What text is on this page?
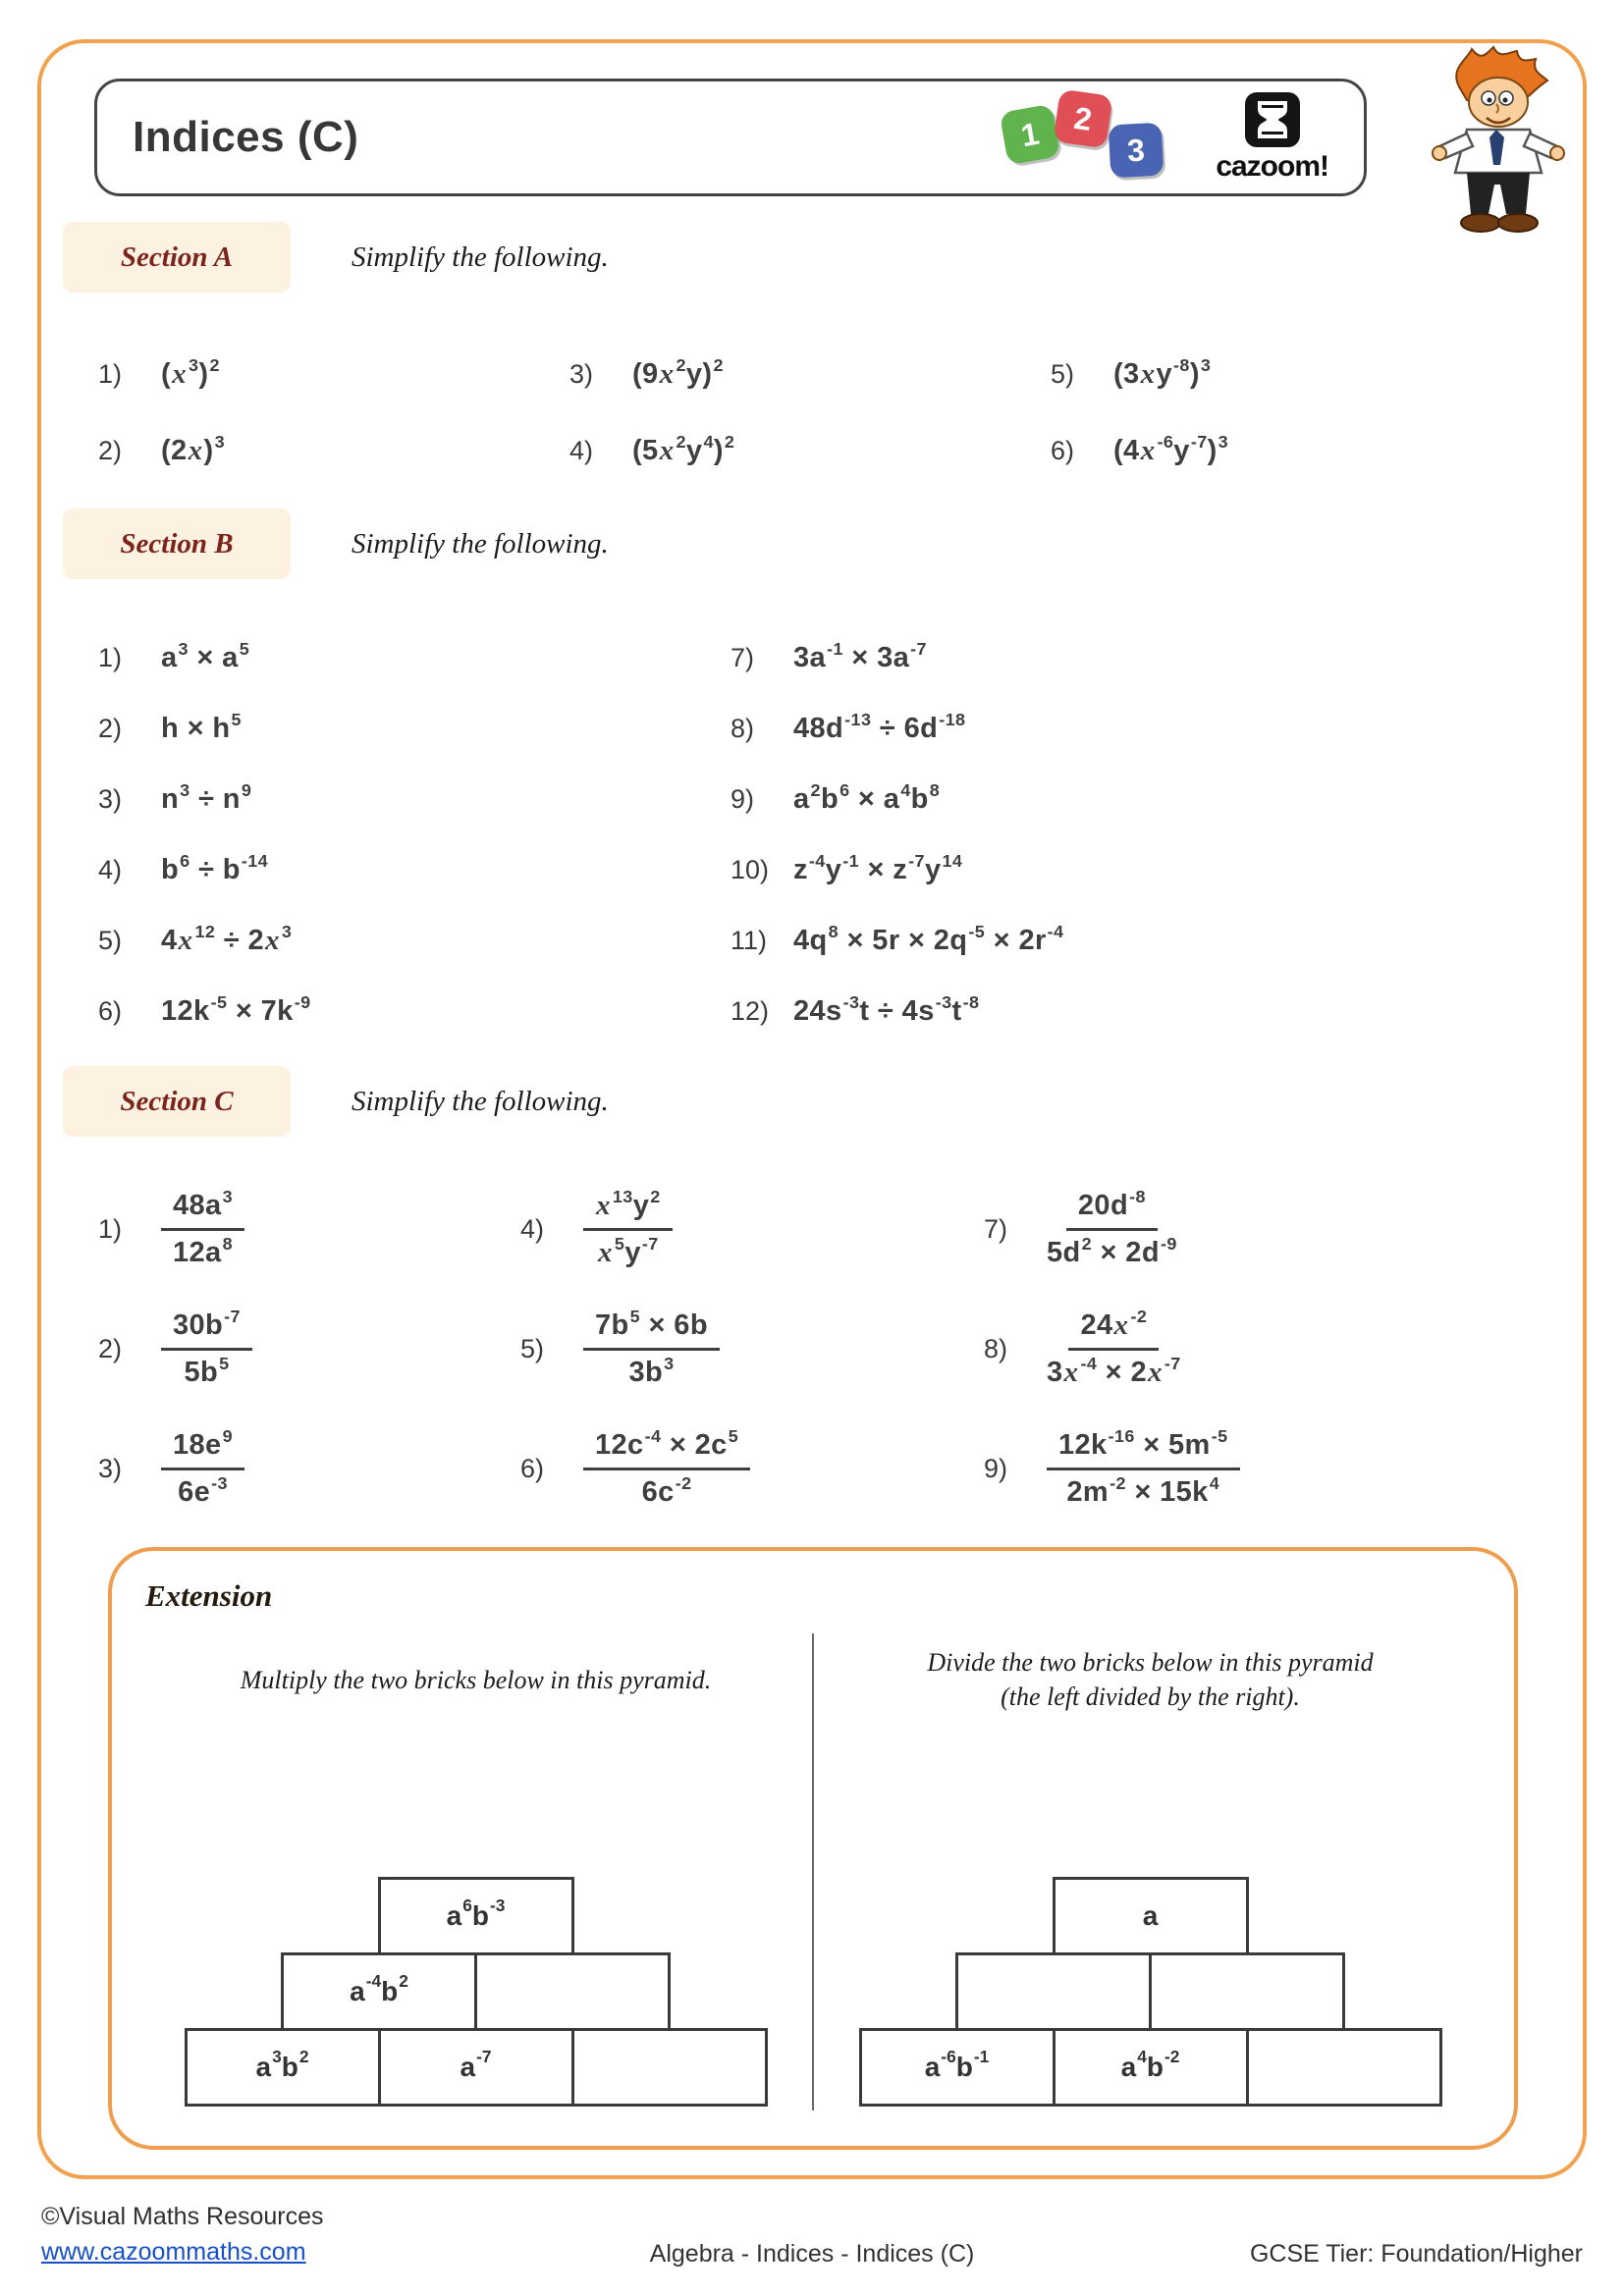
Indices (C)	1 2
3	cazoom!
Section A	Simplify the following.
1)	(x $^3$)$^2$
2)	$(2x)^3$
3)	(9x $^2$y)$^2$
4)	(5x $^2y^4)^2$
5)	$(3xy^{-8})^3$
6)	(4x $^{-6}y^{-7})^3$
Section B	Simplify the following.
1)	$a^3 \times a^5$
2)	$h \times h^5$
3)	$n^3 \div n^9$
4)	$b^6 \div b^{-14}$
5)	4x $^{12}$ ÷ 2x $^3$
6)	$12k^{-5} \times 7k^{-9}$
7)	$3a^{-1} \times 3a^{-7}$
8)	$48d^{-13} \div 6d^{-18}$
9)	$a^2b^6 \times a^4b^8$
10) $z^{-4}y^{-1} \times z^{-7}y^{14}$
11) $4q^8 \times 5r \times 2q^{-5} \times 2r^{-4}$
12) $24s^{-3}t \div 4s^{-3}t^{-8}$
Section C	Simplify the following.
1)	$\frac{48a^3}{12a^8}$
2)	$\frac{30b^{-7}}{5b^5}$
3)	$\frac{18e^9}{6e^{-3}}$
4)	$\frac{x ^{13}y^2}{x ^5y^{-7}}$
5)	$\frac{7b^5 \times 6b}{3b^3}$
6)	$\frac{12c^{-4} \times 2c^5}{6c^{-2}}$
7)	$\frac{20d^{-8}}{5d^2 \times 2d^{-9}}$
8)	$\frac{24x ^{-2}}{3x ^{-4} \times 2x ^{-7}}$
9)	$\frac{12k^{-16} \times 5m^{-5}}{2m^{-2} \times 15k^4}$
Extension
Multiply the two bricks below in this pyramid.
$a^6$ $b^{-3}$
$a^{-4}$ $b^2$
$a^3$ $b^2$	$a^{-7}$
Divide the two bricks below in this pyramid
(the left divided by the right).
a
$a^{-6}$ $b^{-1}$	$a^4$ $b^{-2}$
©Visual Maths Resources
www.cazoommaths.com	Algebra - Indices - Indices (C)	GCSE Tier: Foundation/Higher
